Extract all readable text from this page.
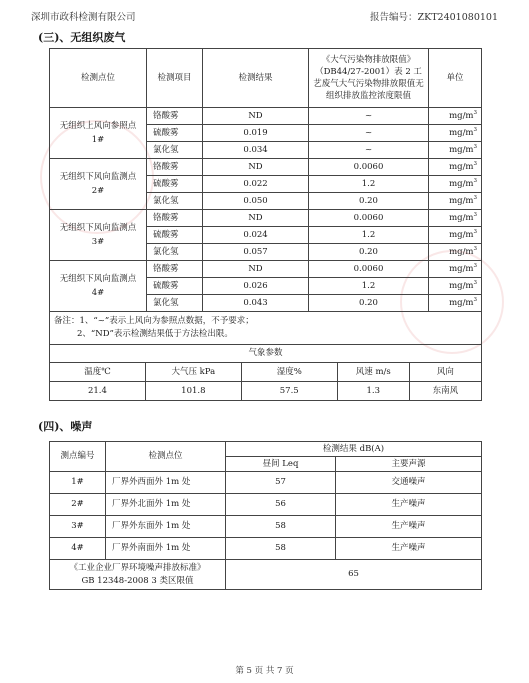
深圳市政科检测有限公司	报告编号：ZKT2401080101
(三)、无组织废气
检测点位	检测项目	检测结果	《大气污染物排放限值》（DB44/27-2001）表 2 工艺废气大气污染物排放限值无组织排放监控浓度限值	单位
无组织上风向参照点 1#	铬酸雾	ND	~	$mg/m^3$
	硫酸雾	0.019	~	$mg/m^3$
	氯化氢	0.034	~	$mg/m^3$
无组织下风向监测点 2#	铬酸雾	ND	0.0060	$mg/m^3$
	硫酸雾	0.022	1.2	$mg/m^3$
	氯化氢	0.050	0.20	$mg/m^3$
无组织下风向监测点 3#	铬酸雾	ND	0.0060	$mg/m^3$
	硫酸雾	0.024	1.2	$mg/m^3$
	氯化氢	0.057	0.20	$mg/m^3$
无组织下风向监测点 4#	铬酸雾	ND	0.0060	$mg/m^3$
	硫酸雾	0.026	1.2	$mg/m^3$
	氯化氢	0.043	0.20	$mg/m^3$

备注：1、“~”表示上风向为参照点数据，不予要求；
2、“ND”表示检测结果低于方法检出限。				

气象参数				

温度℃ 大气压 kPa 湿度% 风速 m/s 风向				

21.4 101.8 57.5 1.3 东南风				
(四)、噪声
测点编号	检测点位	检测结果 dB(A)	
		昼间 Leq	主要声源
1#	厂界外西面外 1m 处	57	交通噪声
2#	厂界外北面外 1m 处	56	生产噪声
3#	厂界外东面外 1m 处	58	生产噪声
4#	厂界外南面外 1m 处	58	生产噪声

《工业企业厂界环境噪声排放标准》
GB 12348-2008 3 类区限值		65	
第 5 页 共 7 页
